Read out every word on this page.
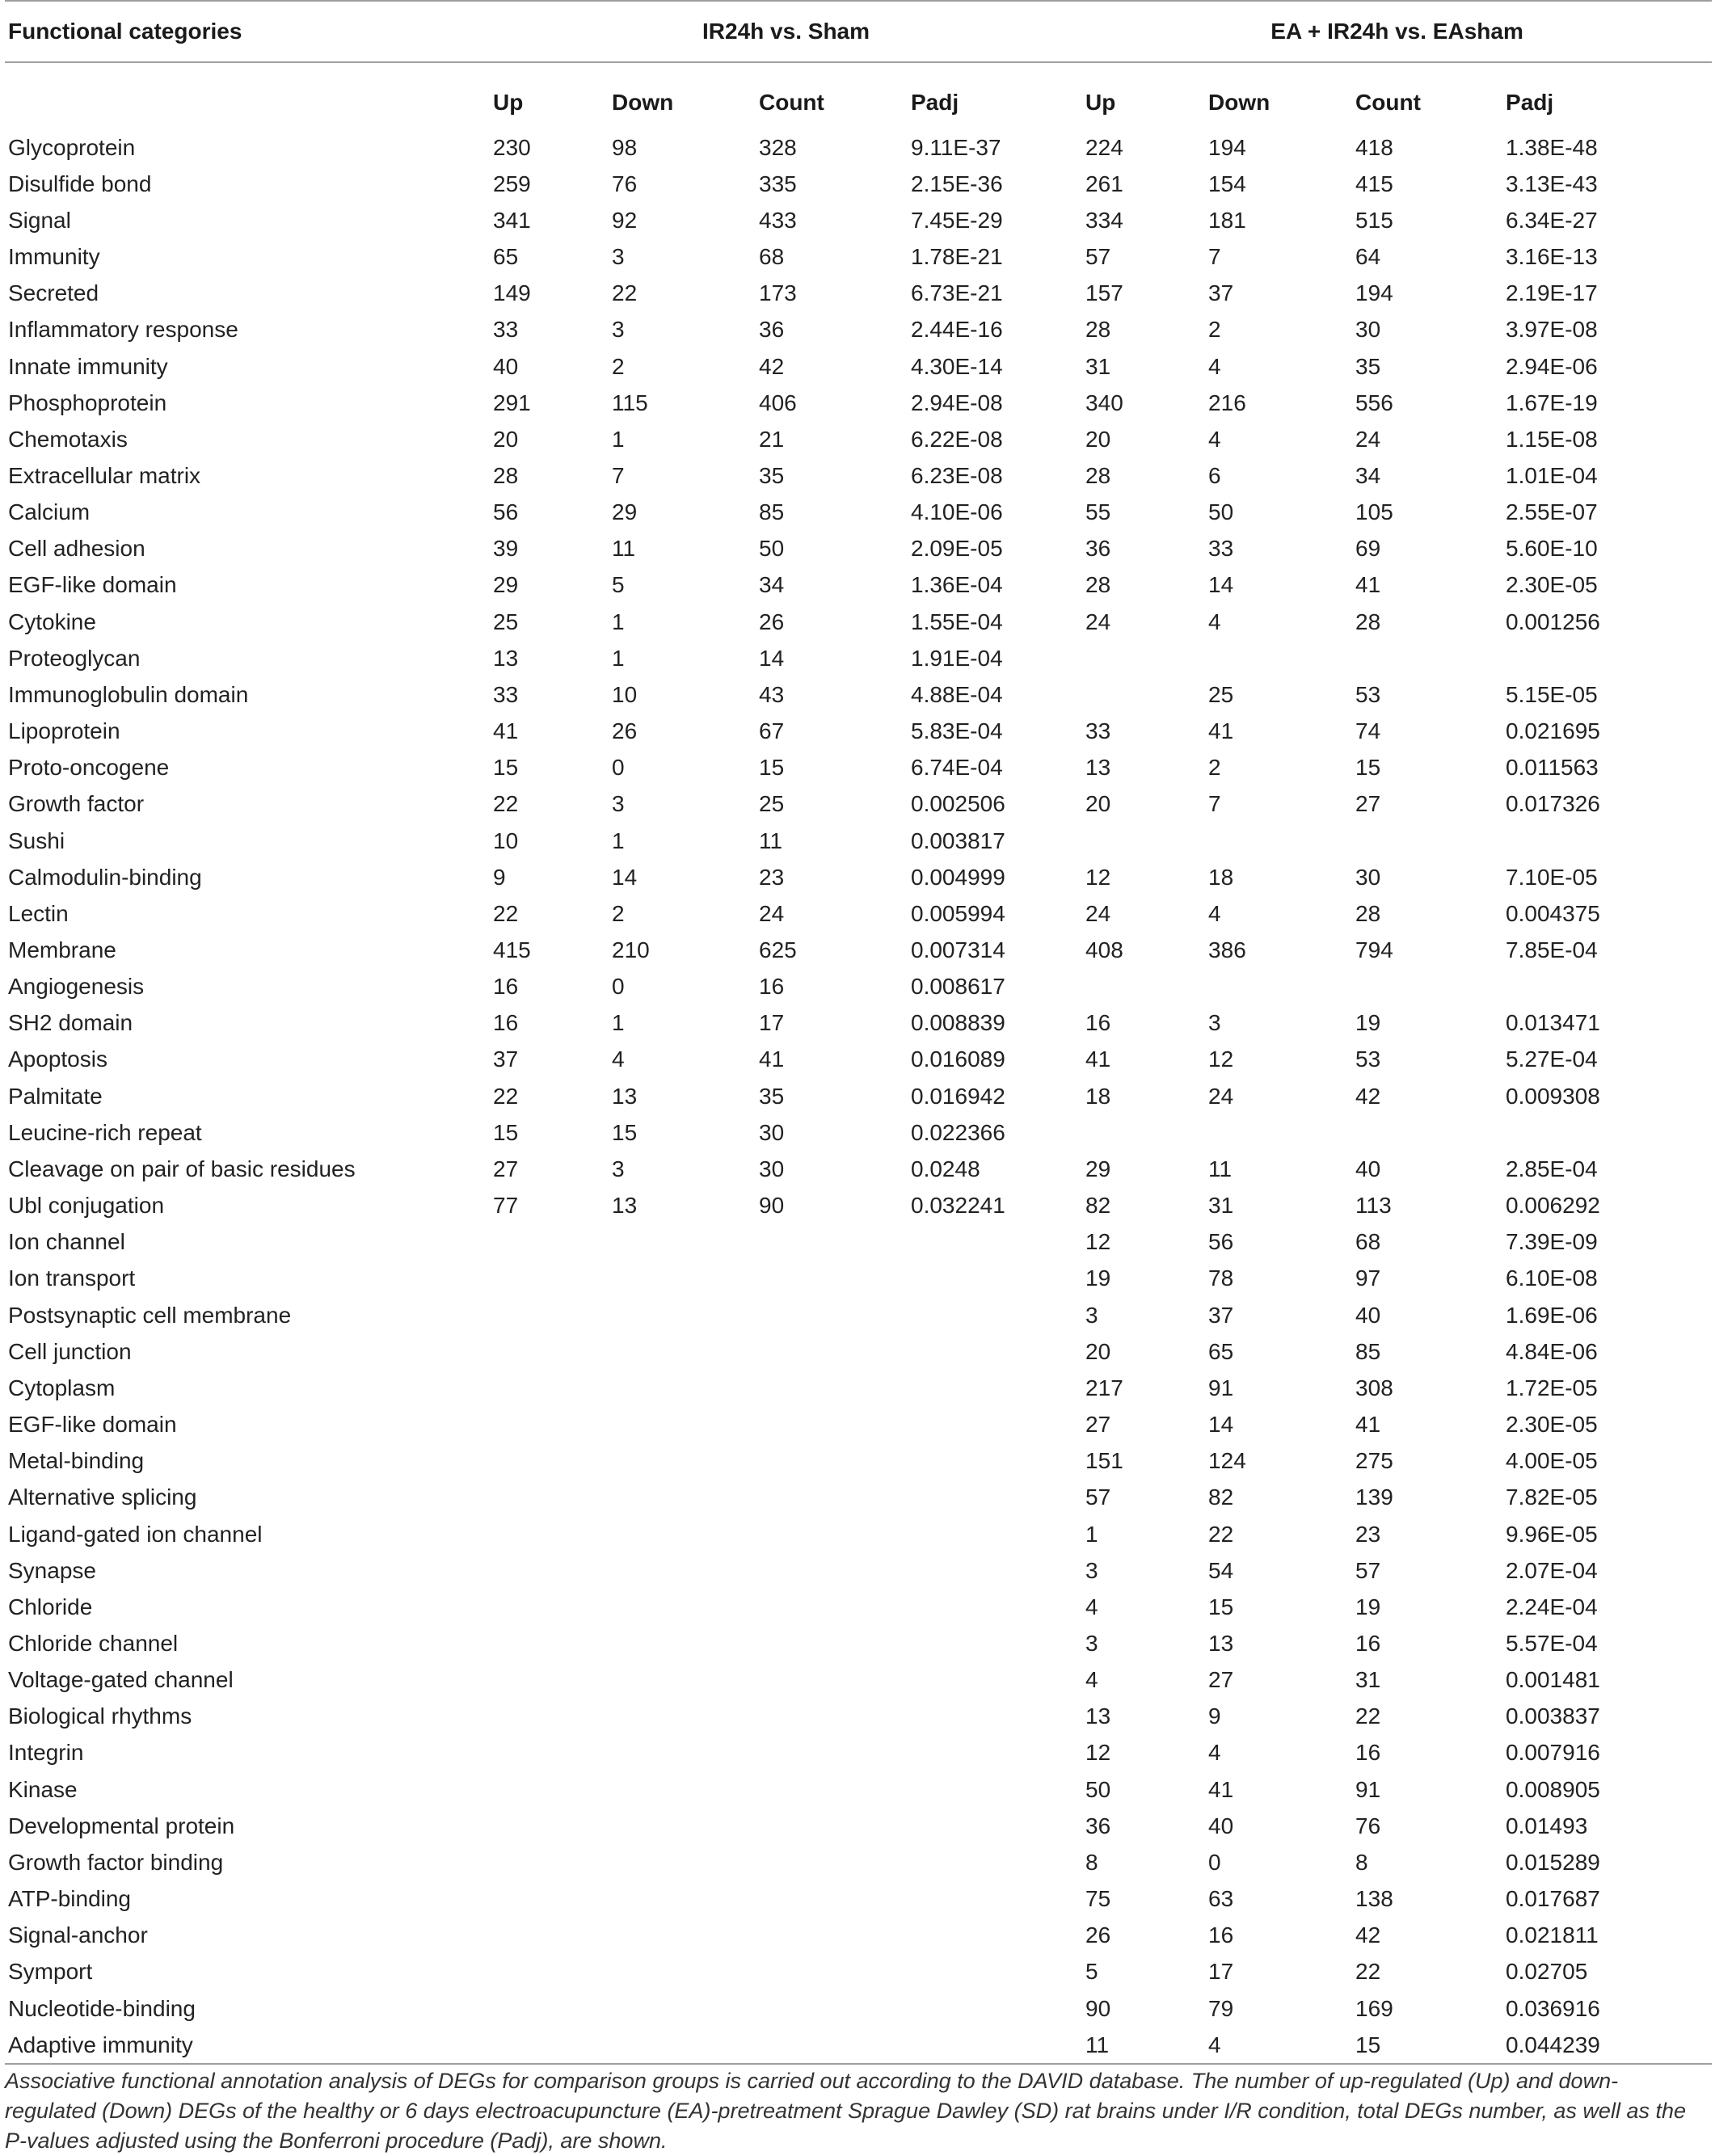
Functional categories	IR24h vs. Sham				EA + IR24h vs. EAsham			
	Up	Down	Count	Padj	Up	Down	Count	Padj
Glycoprotein	230	98	328	9.11E-37	224	194	418	1.38E-48
Disulfide bond	259	76	335	2.15E-36	261	154	415	3.13E-43
Signal	341	92	433	7.45E-29	334	181	515	6.34E-27
Immunity	65	3	68	1.78E-21	57	7	64	3.16E-13
Secreted	149	22	173	6.73E-21	157	37	194	2.19E-17
Inflammatory response	33	3	36	2.44E-16	28	2	30	3.97E-08
Innate immunity	40	2	42	4.30E-14	31	4	35	2.94E-06
Phosphoprotein	291	115	406	2.94E-08	340	216	556	1.67E-19
Chemotaxis	20	1	21	6.22E-08	20	4	24	1.15E-08
Extracellular matrix	28	7	35	6.23E-08	28	6	34	1.01E-04
Calcium	56	29	85	4.10E-06	55	50	105	2.55E-07
Cell adhesion	39	11	50	2.09E-05	36	33	69	5.60E-10
EGF-like domain	29	5	34	1.36E-04	28	14	41	2.30E-05
Cytokine	25	1	26	1.55E-04	24	4	28	0.001256
Proteoglycan	13	1	14	1.91E-04				
Immunoglobulin domain	33	10	43	4.88E-04		25	53	5.15E-05
Lipoprotein	41	26	67	5.83E-04	33	41	74	0.021695
Proto-oncogene	15	0	15	6.74E-04	13	2	15	0.011563
Growth factor	22	3	25	0.002506	20	7	27	0.017326
Sushi	10	1	11	0.003817				
Calmodulin-binding	9	14	23	0.004999	12	18	30	7.10E-05
Lectin	22	2	24	0.005994	24	4	28	0.004375
Membrane	415	210	625	0.007314	408	386	794	7.85E-04
Angiogenesis	16	0	16	0.008617				
SH2 domain	16	1	17	0.008839	16	3	19	0.013471
Apoptosis	37	4	41	0.016089	41	12	53	5.27E-04
Palmitate	22	13	35	0.016942	18	24	42	0.009308
Leucine-rich repeat	15	15	30	0.022366				
Cleavage on pair of basic residues	27	3	30	0.0248	29	11	40	2.85E-04
Ubl conjugation	77	13	90	0.032241	82	31	113	0.006292
Ion channel					12	56	68	7.39E-09
Ion transport					19	78	97	6.10E-08
Postsynaptic cell membrane					3	37	40	1.69E-06
Cell junction					20	65	85	4.84E-06
Cytoplasm					217	91	308	1.72E-05
EGF-like domain					27	14	41	2.30E-05
Metal-binding					151	124	275	4.00E-05
Alternative splicing					57	82	139	7.82E-05
Ligand-gated ion channel					1	22	23	9.96E-05
Synapse					3	54	57	2.07E-04
Chloride					4	15	19	2.24E-04
Chloride channel					3	13	16	5.57E-04
Voltage-gated channel					4	27	31	0.001481
Biological rhythms					13	9	22	0.003837
Integrin					12	4	16	0.007916
Kinase					50	41	91	0.008905
Developmental protein					36	40	76	0.01493
Growth factor binding					8	0	8	0.015289
ATP-binding					75	63	138	0.017687
Signal-anchor					26	16	42	0.021811
Symport					5	17	22	0.02705
Nucleotide-binding					90	79	169	0.036916
Adaptive immunity					11	4	15	0.044239

Associative functional annotation analysis of DEGs for comparison groups is carried out according to the DAVID database. The number of up-regulated (Up) and down-regulated (Down) DEGs of the healthy or 6 days electroacupuncture (EA)-pretreatment Sprague Dawley (SD) rat brains under I/R condition, total DEGs number, as well as the P-values adjusted using the Bonferroni procedure (Padj), are shown.
